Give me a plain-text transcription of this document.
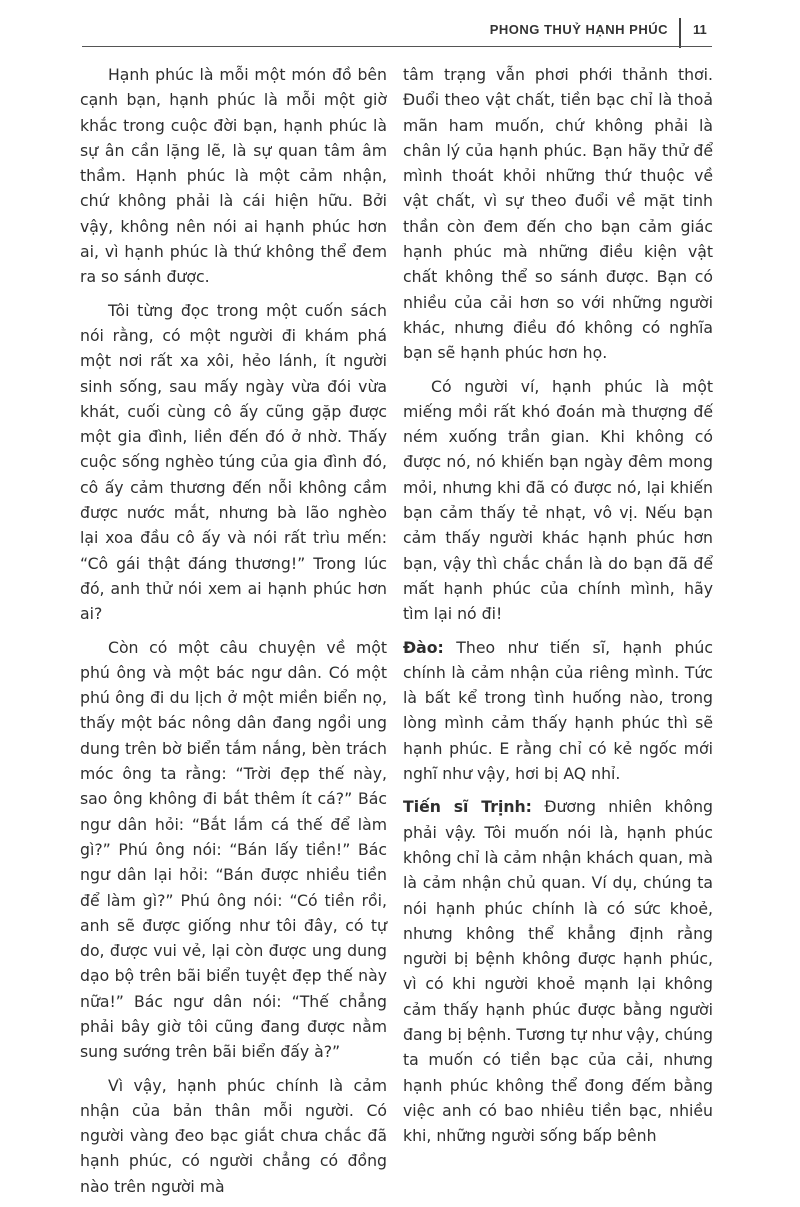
PHONG THUỶ HẠNH PHÚC 11

Hạnh phúc là mỗi một món đồ bên cạnh bạn, hạnh phúc là mỗi một giờ khắc trong cuộc đời bạn, hạnh phúc là sự ân cần lặng lẽ, là sự quan tâm âm thầm. Hạnh phúc là một cảm nhận, chứ không phải là cái hiện hữu. Bởi vậy, không nên nói ai hạnh phúc hơn ai, vì hạnh phúc là thứ không thể đem ra so sánh được.

Tôi từng đọc trong một cuốn sách nói rằng, có một người đi khám phá một nơi rất xa xôi, hẻo lánh, ít người sinh sống, sau mấy ngày vừa đói vừa khát, cuối cùng cô ấy cũng gặp được một gia đình, liền đến đó ở nhờ. Thấy cuộc sống nghèo túng của gia đình đó, cô ấy cảm thương đến nỗi không cầm được nước mắt, nhưng bà lão nghèo lại xoa đầu cô ấy và nói rất trìu mến: “Cô gái thật đáng thương!” Trong lúc đó, anh thử nói xem ai hạnh phúc hơn ai?

Còn có một câu chuyện về một phú ông và một bác ngư dân. Có một phú ông đi du lịch ở một miền biển nọ, thấy một bác nông dân đang ngồi ung dung trên bờ biển tắm nắng, bèn trách móc ông ta rằng: “Trời đẹp thế này, sao ông không đi bắt thêm ít cá?” Bác ngư dân hỏi: “Bắt lắm cá thế để làm gì?” Phú ông nói: “Bán lấy tiền!” Bác ngư dân lại hỏi: “Bán được nhiều tiền để làm gì?” Phú ông nói: “Có tiền rồi, anh sẽ được giống như tôi đây, có tự do, được vui vẻ, lại còn được ung dung dạo bộ trên bãi biển tuyệt đẹp thế này nữa!” Bác ngư dân nói: “Thế chẳng phải bây giờ tôi cũng đang được nằm sung sướng trên bãi biển đấy à?”

Vì vậy, hạnh phúc chính là cảm nhận của bản thân mỗi người. Có người vàng đeo bạc giắt chưa chắc đã hạnh phúc, có người chẳng có đồng nào trên người mà

tâm trạng vẫn phơi phới thảnh thơi. Đuổi theo vật chất, tiền bạc chỉ là thoả mãn ham muốn, chứ không phải là chân lý của hạnh phúc. Bạn hãy thử để mình thoát khỏi những thứ thuộc về vật chất, vì sự theo đuổi về mặt tinh thần còn đem đến cho bạn cảm giác hạnh phúc mà những điều kiện vật chất không thể so sánh được. Bạn có nhiều của cải hơn so với những người khác, nhưng điều đó không có nghĩa bạn sẽ hạnh phúc hơn họ.

Có người ví, hạnh phúc là một miếng mồi rất khó đoán mà thượng đế ném xuống trần gian. Khi không có được nó, nó khiến bạn ngày đêm mong mỏi, nhưng khi đã có được nó, lại khiến bạn cảm thấy tẻ nhạt, vô vị. Nếu bạn cảm thấy người khác hạnh phúc hơn bạn, vậy thì chắc chắn là do bạn đã để mất hạnh phúc của chính mình, hãy tìm lại nó đi!

Đào: Theo như tiến sĩ, hạnh phúc chính là cảm nhận của riêng mình. Tức là bất kể trong tình huống nào, trong lòng mình cảm thấy hạnh phúc thì sẽ hạnh phúc. E rằng chỉ có kẻ ngốc mới nghĩ như vậy, hơi bị AQ nhỉ.

Tiến sĩ Trịnh: Đương nhiên không phải vậy. Tôi muốn nói là, hạnh phúc không chỉ là cảm nhận khách quan, mà là cảm nhận chủ quan. Ví dụ, chúng ta nói hạnh phúc chính là có sức khoẻ, nhưng không thể khẳng định rằng người bị bệnh không được hạnh phúc, vì có khi người khoẻ mạnh lại không cảm thấy hạnh phúc được bằng người đang bị bệnh. Tương tự như vậy, chúng ta muốn có tiền bạc của cải, nhưng hạnh phúc không thể đong đếm bằng việc anh có bao nhiêu tiền bạc, nhiều khi, những người sống bấp bênh
